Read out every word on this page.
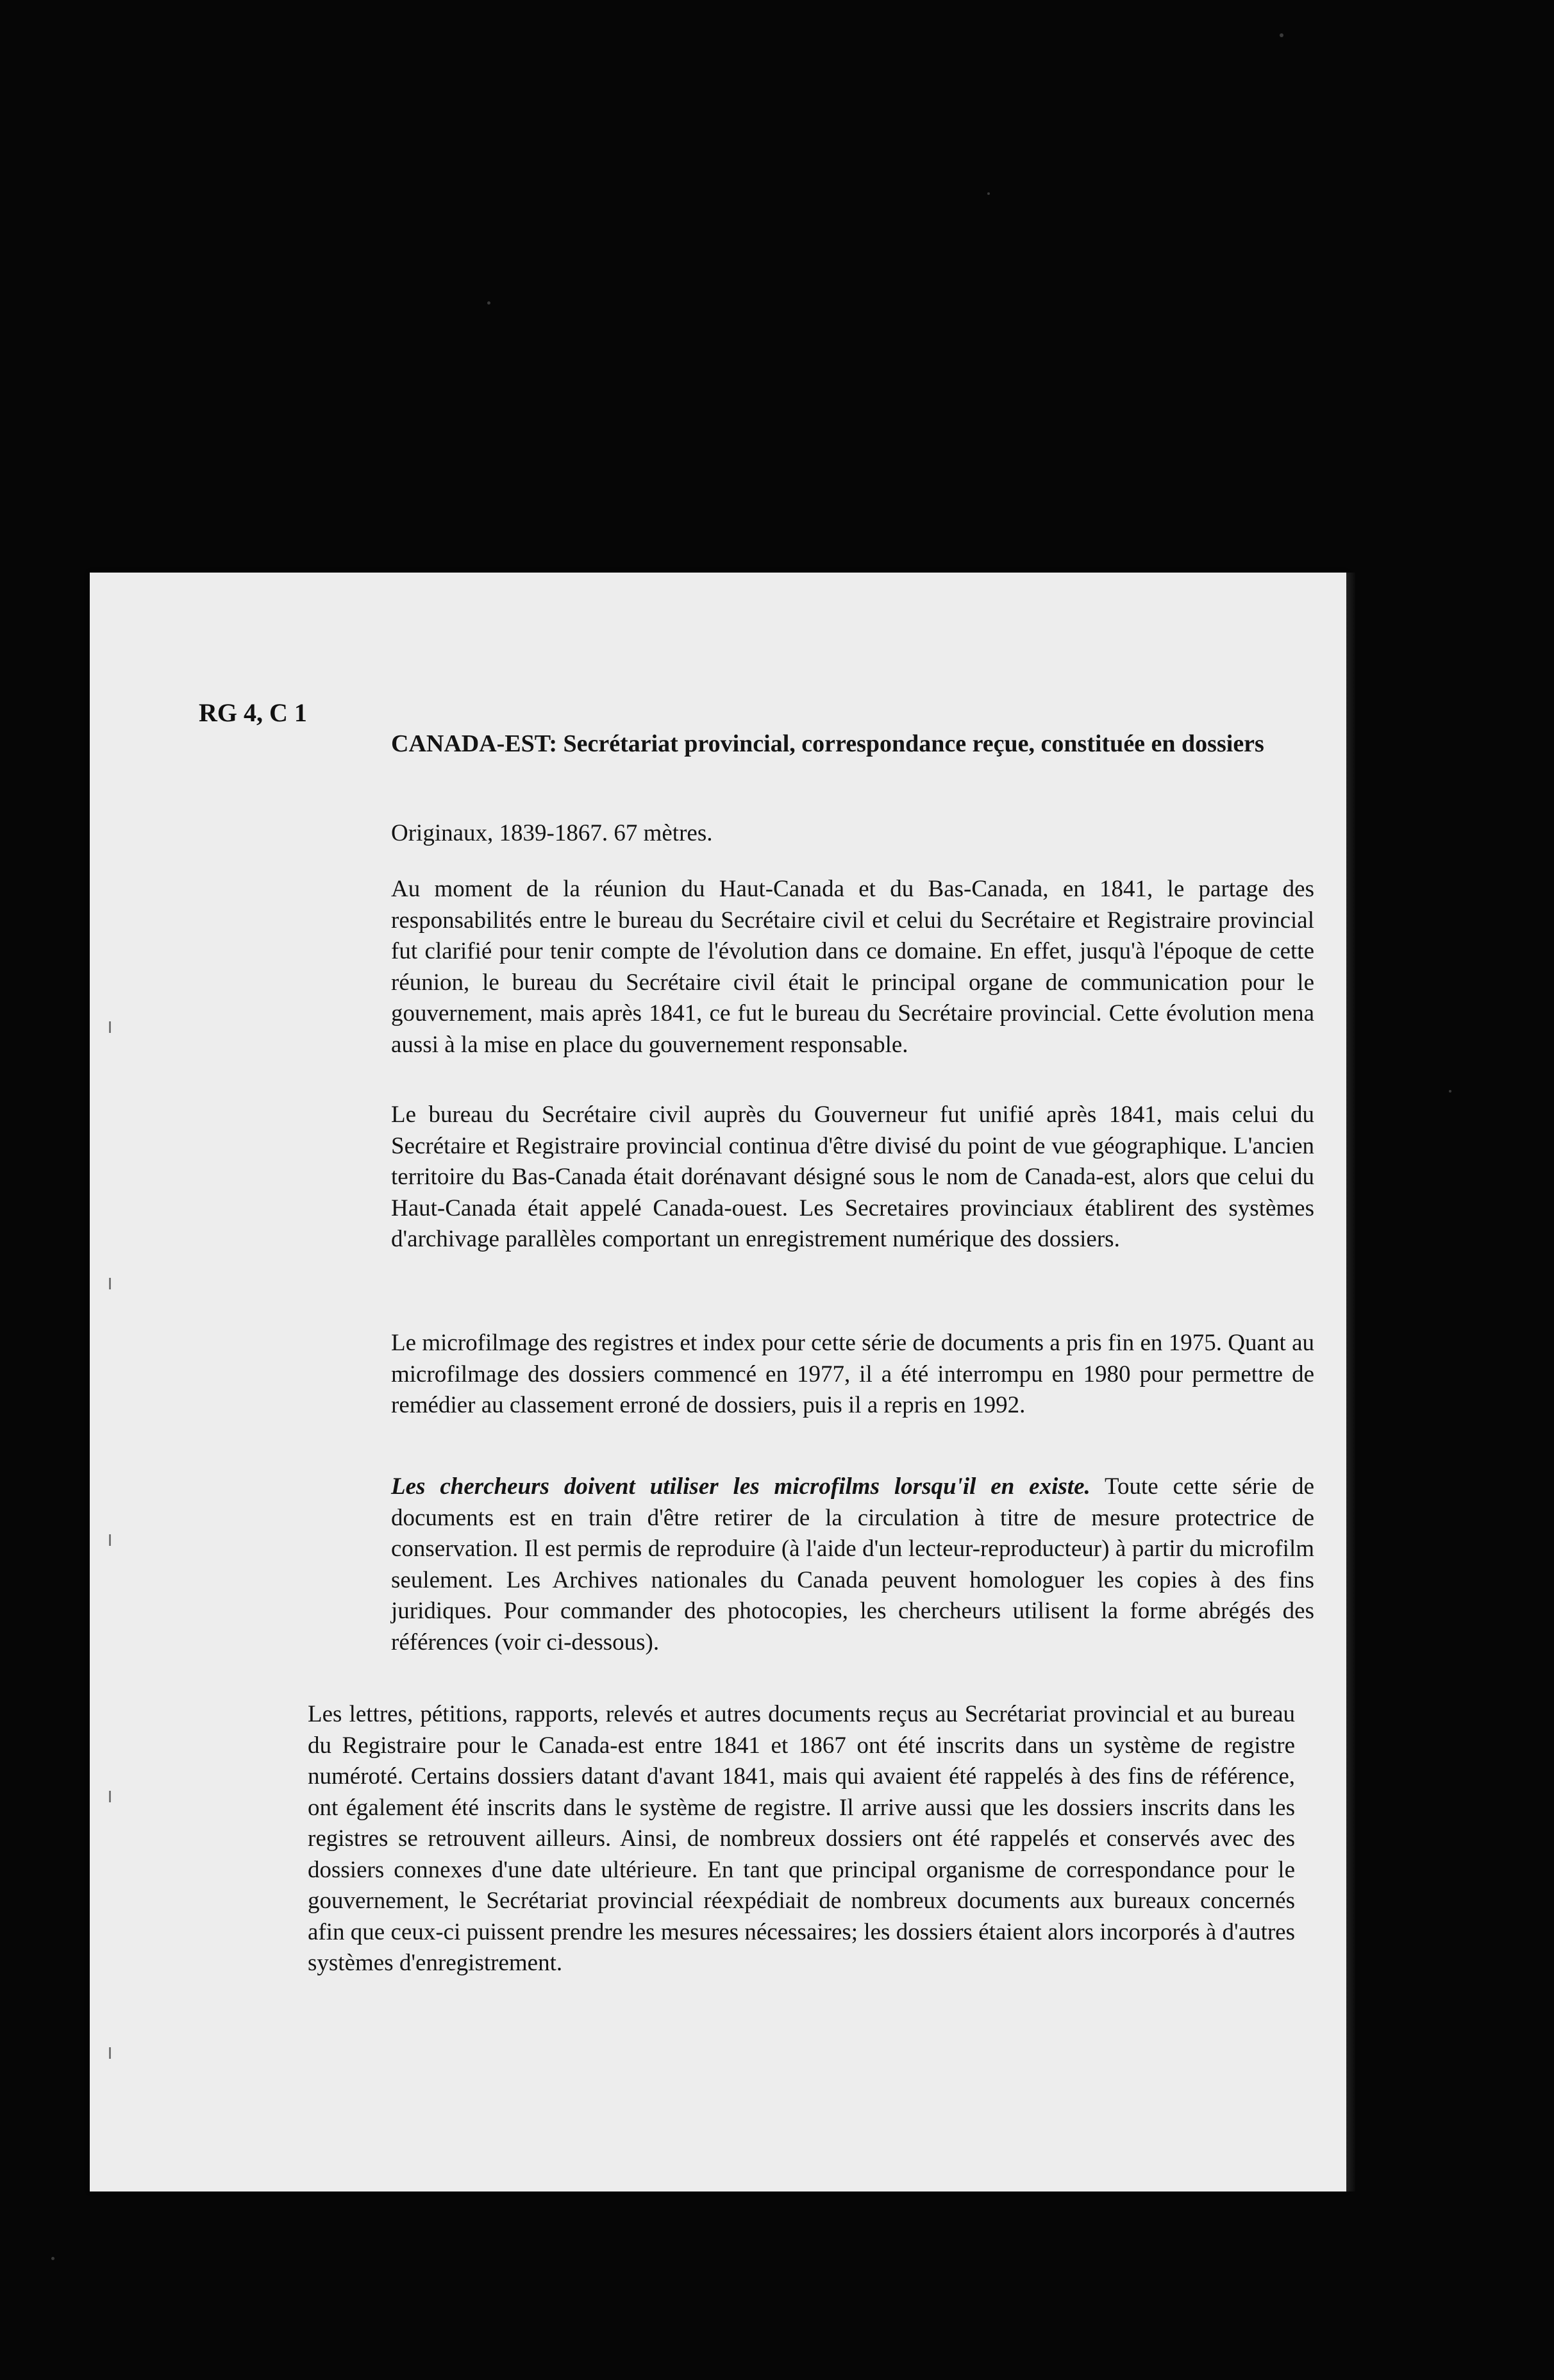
RG 4, C 1

CANADA-EST: Secrétariat provincial, correspondance reçue, constituée en dossiers

Originaux, 1839-1867. 67 mètres.

Au moment de la réunion du Haut-Canada et du Bas-Canada, en 1841, le partage des responsabilités entre le bureau du Secrétaire civil et celui du Secrétaire et Registraire provincial fut clarifié pour tenir compte de l'évolution dans ce domaine. En effet, jusqu'à l'époque de cette réunion, le bureau du Secrétaire civil était le principal organe de communication pour le gouvernement, mais après 1841, ce fut le bureau du Secrétaire provincial. Cette évolution mena aussi à la mise en place du gouvernement responsable.

Le bureau du Secrétaire civil auprès du Gouverneur fut unifié après 1841, mais celui du Secrétaire et Registraire provincial continua d'être divisé du point de vue géographique. L'ancien territoire du Bas-Canada était dorénavant désigné sous le nom de Canada-est, alors que celui du Haut-Canada était appelé Canada-ouest. Les Secretaires provinciaux établirent des systèmes d'archivage parallèles comportant un enregistrement numérique des dossiers.

Le microfilmage des registres et index pour cette série de documents a pris fin en 1975. Quant au microfilmage des dossiers commencé en 1977, il a été interrompu en 1980 pour permettre de remédier au classement erroné de dossiers, puis il a repris en 1992.

Les chercheurs doivent utiliser les microfilms lorsqu'il en existe. Toute cette série de documents est en train d'être retirer de la circulation à titre de mesure protectrice de conservation. Il est permis de reproduire (à l'aide d'un lecteur-reproducteur) à partir du microfilm seulement. Les Archives nationales du Canada peuvent homologuer les copies à des fins juridiques. Pour commander des photocopies, les chercheurs utilisent la forme abrégés des références (voir ci-dessous).

Les lettres, pétitions, rapports, relevés et autres documents reçus au Secrétariat provincial et au bureau du Registraire pour le Canada-est entre 1841 et 1867 ont été inscrits dans un système de registre numéroté. Certains dossiers datant d'avant 1841, mais qui avaient été rappelés à des fins de référence, ont également été inscrits dans le système de registre. Il arrive aussi que les dossiers inscrits dans les registres se retrouvent ailleurs. Ainsi, de nombreux dossiers ont été rappelés et conservés avec des dossiers connexes d'une date ultérieure. En tant que principal organisme de correspondance pour le gouvernement, le Secrétariat provincial réexpédiait de nombreux documents aux bureaux concernés afin que ceux-ci puissent prendre les mesures nécessaires; les dossiers étaient alors incorporés à d'autres systèmes d'enregistrement.
